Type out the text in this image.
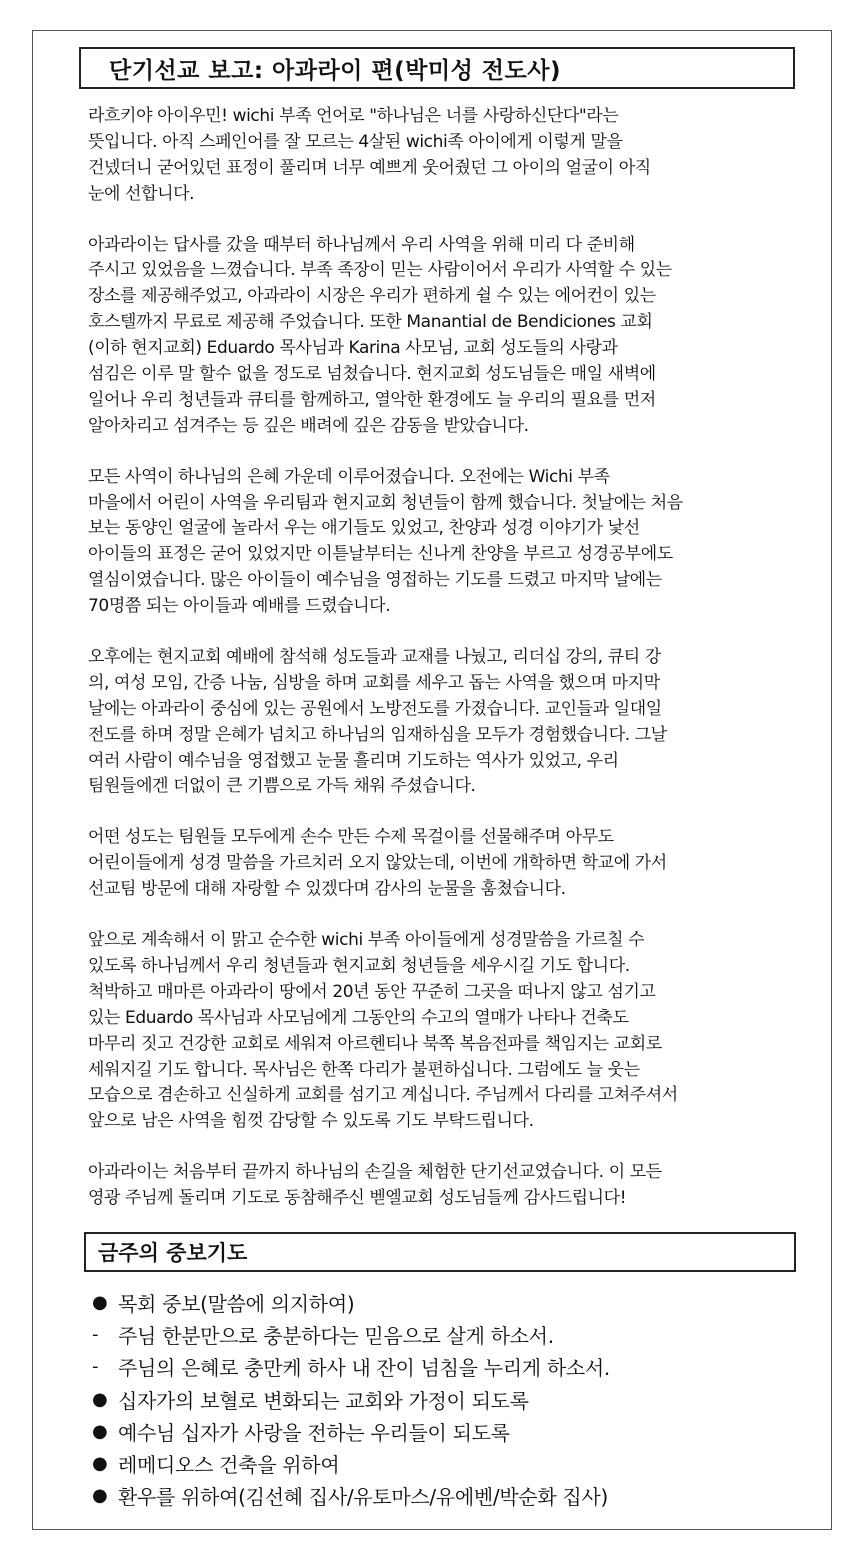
단기선교 보고: 아과라이 편(박미성 전도사)
라흐키야 아이우민! wichi 부족 언어로 "하나님은 너를 사랑하신단다"라는
뜻입니다. 아직 스페인어를 잘 모르는 4살된 wichi족 아이에게 이렇게 말을
건넸더니 굳어있던 표정이 풀리며 너무 예쁘게 웃어줬던 그 아이의 얼굴이 아직
눈에 선합니다.
아과라이는 답사를 갔을 때부터 하나님께서 우리 사역을 위해 미리 다 준비해
주시고 있었음을 느꼈습니다. 부족 족장이 믿는 사람이어서 우리가 사역할 수 있는
장소를 제공해주었고, 아과라이 시장은 우리가 편하게 쉴 수 있는 에어컨이 있는
호스텔까지 무료로 제공해 주었습니다. 또한 Manantial de Bendiciones 교회
(이하 현지교회) Eduardo 목사님과 Karina 사모님, 교회 성도들의 사랑과
섬김은 이루 말 할수 없을 정도로 넘쳤습니다. 현지교회 성도님들은 매일 새벽에
일어나 우리 청년들과 큐티를 함께하고, 열악한 환경에도 늘 우리의 필요를 먼저
알아차리고 섬겨주는 등 깊은 배려에 깊은 감동을 받았습니다.
모든 사역이 하나님의 은혜 가운데 이루어졌습니다. 오전에는 Wichi 부족
마을에서 어린이 사역을 우리팀과 현지교회 청년들이 함께 했습니다. 첫날에는 처음
보는 동양인 얼굴에 놀라서 우는 애기들도 있었고, 찬양과 성경 이야기가 낯선
아이들의 표정은 굳어 있었지만 이튿날부터는 신나게 찬양을 부르고 성경공부에도
열심이였습니다. 많은 아이들이 예수님을 영접하는 기도를 드렸고 마지막 날에는
70명쯤 되는 아이들과 예배를 드렸습니다.
오후에는 현지교회 예배에 참석해 성도들과 교재를 나눴고, 리더십 강의, 큐티 강
의, 여성 모임, 간증 나눔, 심방을 하며 교회를 세우고 돕는 사역을 했으며 마지막
날에는 아과라이 중심에 있는 공원에서 노방전도를 가졌습니다. 교인들과 일대일
전도를 하며 정말 은혜가 넘치고 하나님의 임재하심을 모두가 경험했습니다. 그날
여러 사람이 예수님을 영접했고 눈물 흘리며 기도하는 역사가 있었고, 우리
팀원들에겐 더없이 큰 기쁨으로 가득 채워 주셨습니다.
어떤 성도는 팀원들 모두에게 손수 만든 수제 목걸이를 선물해주며 아무도
어린이들에게 성경 말씀을 가르치러 오지 않았는데, 이번에 개학하면 학교에 가서
선교팀 방문에 대해 자랑할 수 있겠다며 감사의 눈물을 훔쳤습니다.
앞으로 계속해서 이 맑고 순수한 wichi 부족 아이들에게 성경말씀을 가르칠 수
있도록 하나님께서 우리 청년들과 현지교회 청년들을 세우시길 기도 합니다.
척박하고 매마른 아과라이 땅에서 20년 동안 꾸준히 그곳을 떠나지 않고 섬기고
있는 Eduardo 목사님과 사모님에게 그동안의 수고의 열매가 나타나 건축도
마무리 짓고 건강한 교회로 세워져 아르헨티나 북쪽 복음전파를 책임지는 교회로
세워지길 기도 합니다. 목사님은 한쪽 다리가 불편하십니다. 그럼에도 늘 웃는
모습으로 겸손하고 신실하게 교회를 섬기고 계십니다. 주님께서 다리를 고쳐주셔서
앞으로 남은 사역을 힘껏 감당할 수 있도록 기도 부탁드립니다.
아과라이는 처음부터 끝까지 하나님의 손길을 체험한 단기선교였습니다. 이 모든
영광 주님께 돌리며 기도로 동참해주신 벧엘교회 성도님들께 감사드립니다!
금주의 중보기도
● 목회 중보(말씀에 의지하여)
- 주님 한분만으로 충분하다는 믿음으로 살게 하소서.
- 주님의 은혜로 충만케 하사 내 잔이 넘침을 누리게 하소서.
● 십자가의 보혈로 변화되는 교회와 가정이 되도록
● 예수님 십자가 사랑을 전하는 우리들이 되도록
● 레메디오스 건축을 위하여
● 환우를 위하여(김선혜 집사/유토마스/유에벤/박순화 집사)
